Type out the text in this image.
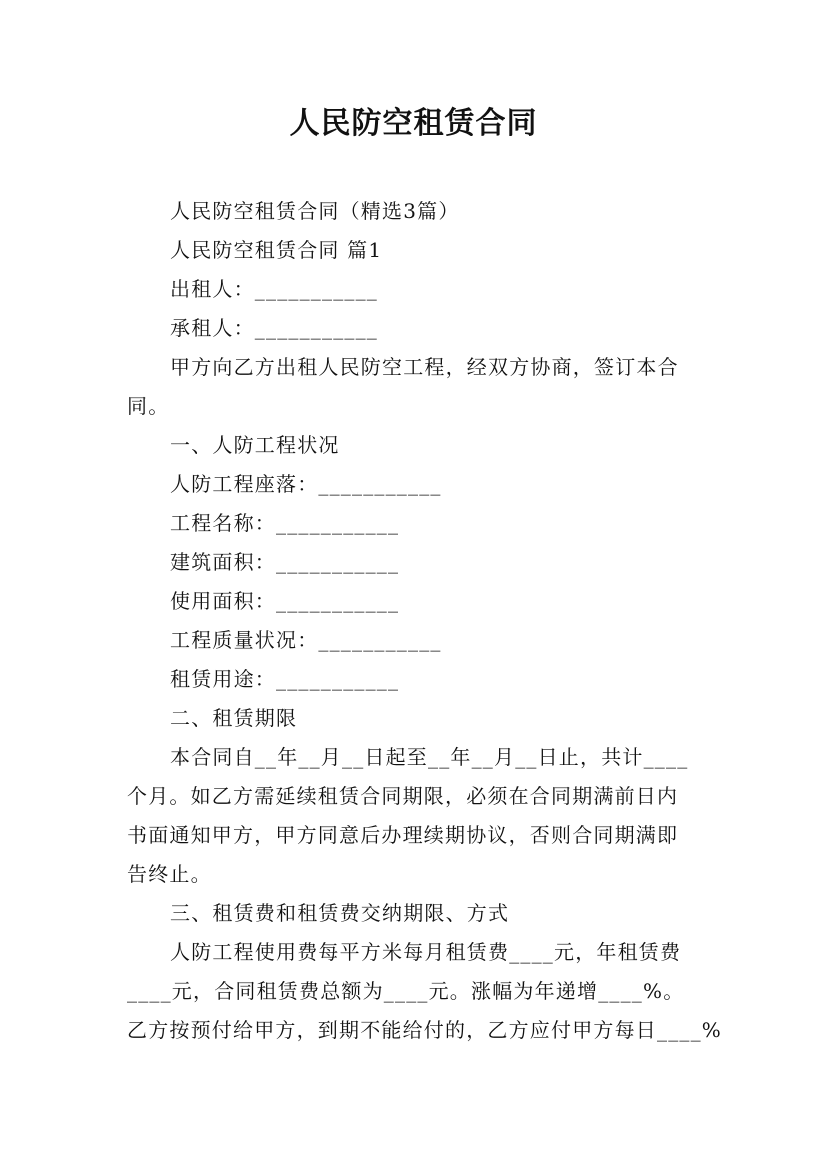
人民防空租赁合同
人民防空租赁合同（精选3篇）
人民防空租赁合同 篇1
出租人：___________
承租人：___________
甲方向乙方出租人民防空工程，经双方协商，签订本合
同。
一、人防工程状况
人防工程座落：___________
工程名称：___________
建筑面积：___________
使用面积：___________
工程质量状况：___________
租赁用途：___________
二、租赁期限
本合同自__年__月__日起至__年__月__日止，共计____
个月。如乙方需延续租赁合同期限，必须在合同期满前日内
书面通知甲方，甲方同意后办理续期协议，否则合同期满即
告终止。
三、租赁费和租赁费交纳期限、方式
人防工程使用费每平方米每月租赁费____元，年租赁费
____元，合同租赁费总额为____元。涨幅为年递增____%。
乙方按预付给甲方，到期不能给付的，乙方应付甲方每日____%
